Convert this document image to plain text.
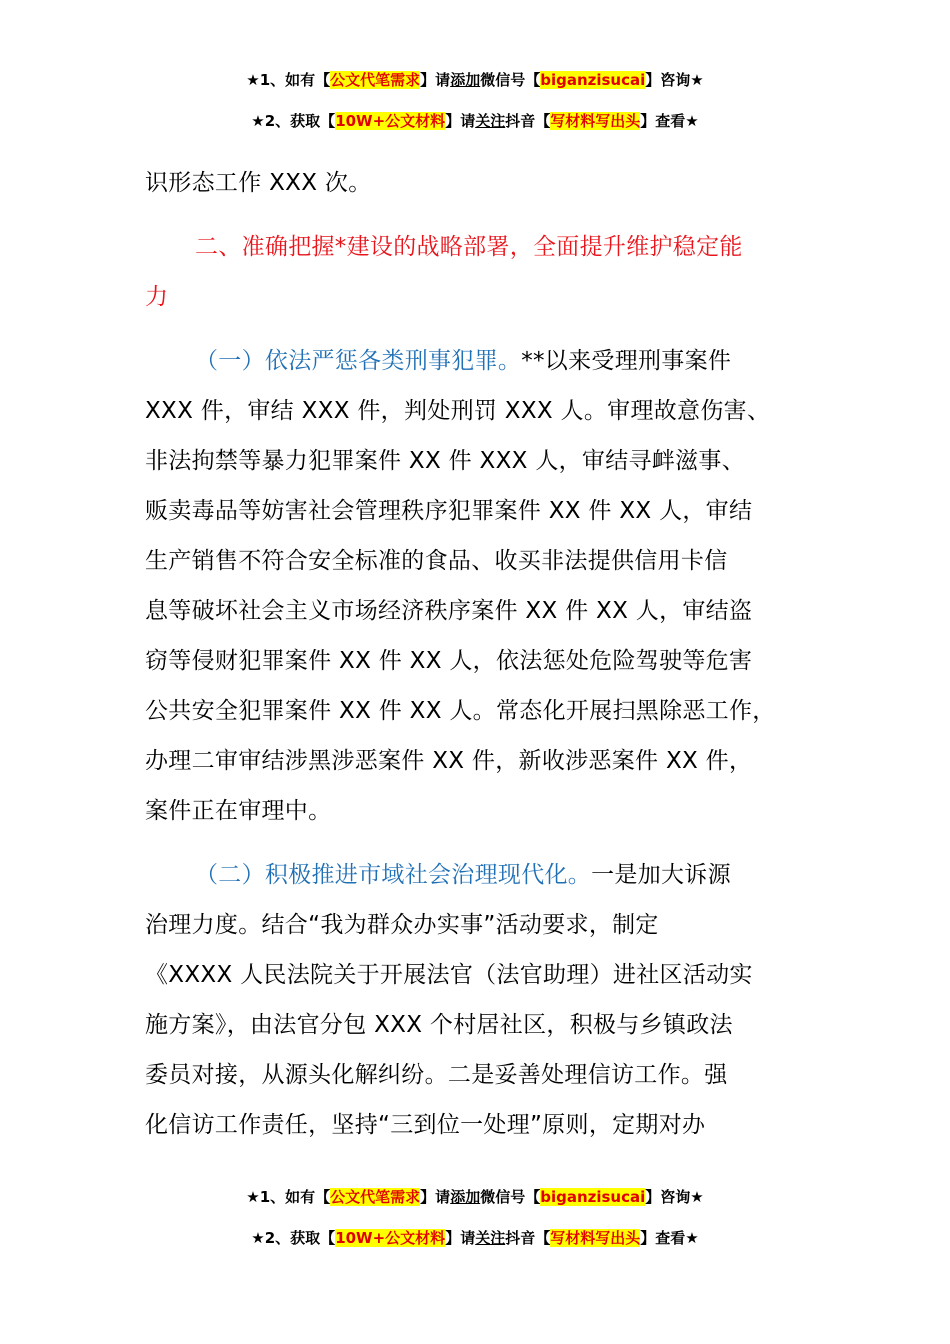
★1、如有【公文代笔需求】请添加微信号【biganzisucai】咨询★
★2、获取【10W+公文材料】请关注抖音【写材料写出头】查看★
识形态工作 XXX 次。
二、准确把握*建设的战略部署，全面提升维护稳定能
力
（一）依法严惩各类刑事犯罪。**以来受理刑事案件
XXX 件，审结 XXX 件，判处刑罚 XXX 人。审理故意伤害、
非法拘禁等暴力犯罪案件 XX 件 XXX 人，审结寻衅滋事、
贩卖毒品等妨害社会管理秩序犯罪案件 XX 件 XX 人，审结
生产销售不符合安全标准的食品、收买非法提供信用卡信
息等破坏社会主义市场经济秩序案件 XX 件 XX 人，审结盗
窃等侵财犯罪案件 XX 件 XX 人，依法惩处危险驾驶等危害
公共安全犯罪案件 XX 件 XX 人。常态化开展扫黑除恶工作，
办理二审审结涉黑涉恶案件 XX 件，新收涉恶案件 XX 件，
案件正在审理中。
（二）积极推进市域社会治理现代化。一是加大诉源
治理力度。结合“我为群众办实事”活动要求，制定
《XXXX 人民法院关于开展法官（法官助理）进社区活动实
施方案》，由法官分包 XXX 个村居社区，积极与乡镇政法
委员对接，从源头化解纠纷。二是妥善处理信访工作。强
化信访工作责任，坚持“三到位一处理”原则，定期对办
★1、如有【公文代笔需求】请添加微信号【biganzisucai】咨询★
★2、获取【10W+公文材料】请关注抖音【写材料写出头】查看★
